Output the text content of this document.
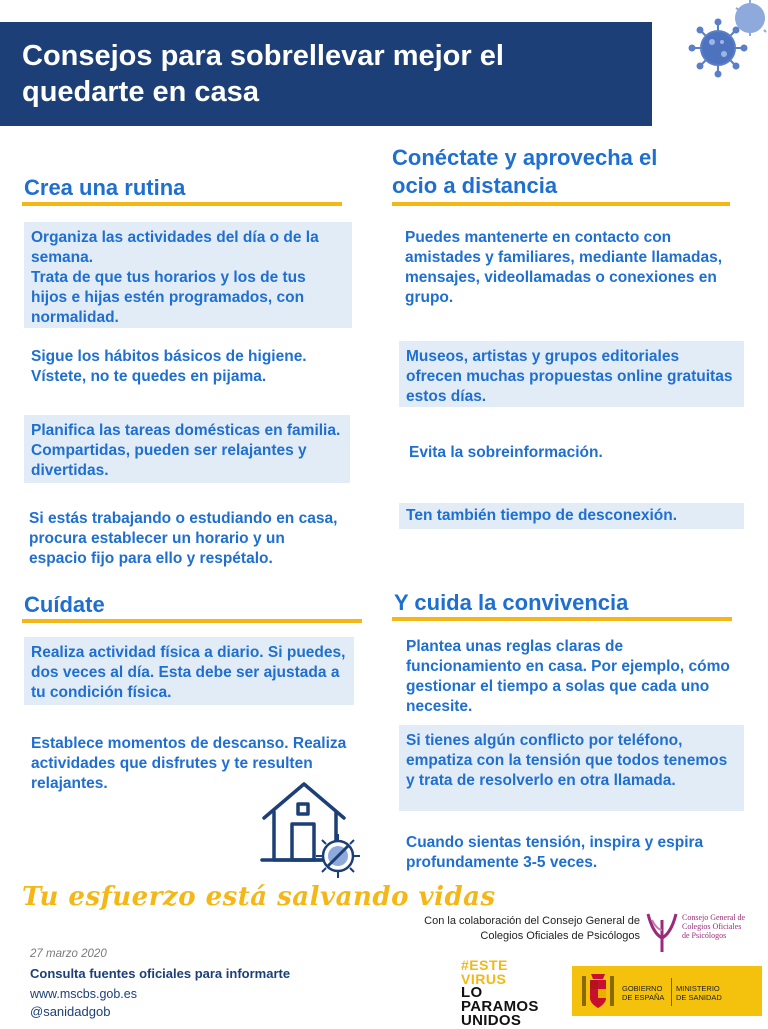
Consejos para sobrellevar mejor el
quedarte en casa
Crea una rutina

Organiza las actividades del día o de la semana.

Trata de que tus horarios y los de tus hijos e hijas estén programados, con normalidad.

Sigue los hábitos básicos de higiene. Vístete, no te quedes en pijama.

Planifica las tareas domésticas en familia. Compartidas, pueden ser relajantes y divertidas.

Si estás trabajando o estudiando en casa, procura establecer un horario y un espacio fijo para ello y respétalo.

Conéctate y aprovecha el
ocio a distancia

Puedes mantenerte en contacto con amistades y familiares, mediante llamadas, mensajes, videollamadas o conexiones en grupo.

Museos, artistas y grupos editoriales ofrecen muchas propuestas online gratuitas estos días.

Evita la sobreinformación.

Ten también tiempo de desconexión.

Cuídate

Realiza actividad física a diario. Si puedes, dos veces al día. Esta debe ser ajustada a tu condición física.

Establece momentos de descanso. Realiza actividades que disfrutes y te resulten relajantes.

Y cuida la convivencia

Plantea unas reglas claras de funcionamiento en casa. Por ejemplo, cómo gestionar el tiempo a solas que cada uno necesite.

Si tienes algún conflicto por teléfono, empatiza con la tensión que todos tenemos y trata de resolverlo en otra llamada.

Cuando sientas tensión, inspira y espira profundamente 3-5 veces.

Tu esfuerzo está salvando vidas
27 marzo 2020
Consulta fuentes oficiales para informarte
www.mscbs.gob.es
@sanidadgob
Con la colaboración del Consejo General de
Colegios Oficiales de Psicólogos
Consejo General de
Colegios Oficiales
de Psicólogos
#ESTE
VIRUS
LO
PARAMOS
UNIDOS
GOBIERNO
DE ESPAÑA
MINISTERIO
DE SANIDAD
